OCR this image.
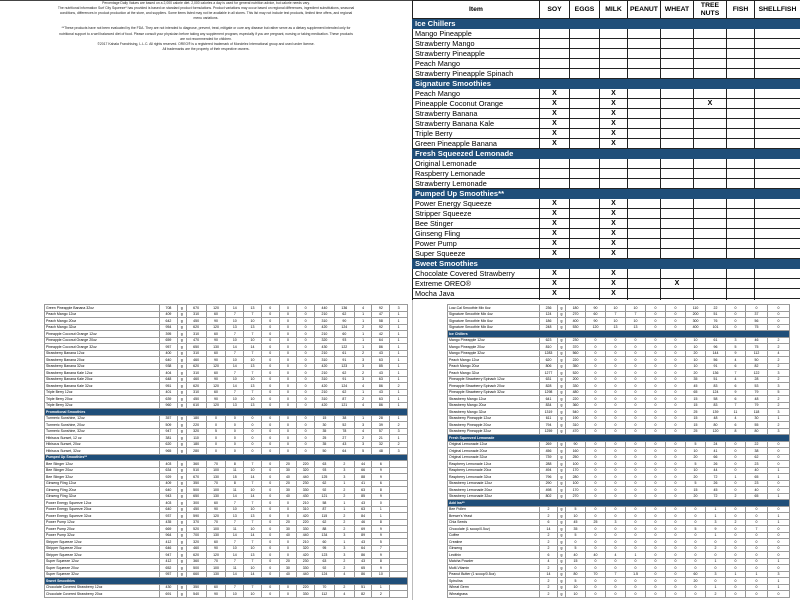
Percentage Daily Values are based on a 2,000 calorie diet. 2,000 calories a day is used for general nutrition advice, but calorie needs vary.
The nutritional information Surf City Squeeze* has provided is based on standard product formulations. Product variations may occur based on regional differences, ingredient substitutions, seasonal
conditions, differences in product production at the store, and suppliers. Some items listed may not be available in all stores. This list may not include test products, limited time offers, and regional
menu variations.

**These products have not been evaluated by the FDA. They are not intended to diagnose, prevent, treat, mitigate or cure any disease but rather serve as a dietary supplement intended only for
nutritional support to a well balanced diet of food. Please consult your physician before taking any supplement program, especially if you are pregnant, nursing or taking medication. These products
are not recommended for children.
©2017 Kahala Franchising, L.L.C. All rights reserved. OREO® is a registered trademark of Mondelez International group and used under license.
All trademarks are the property of their respective owners.
Item	SOY	EGGS	MILK	PEANUT	WHEAT	TREE NUTS	FISH	SHELLFISH
Ice Chillers								
Mango Pineapple								
Strawberry Mango								
Strawberry Pineapple								
Peach Mango								
Strawberry Pineapple Spinach								
Signature Smoothies								
Peach Mango	X		X					
Pineapple Coconut Orange	X		X			X		
Strawberry Banana	X		X					
Strawberry Banana Kale	X		X					
Triple Berry	X		X					
Green Pineapple Banana	X		X					
Fresh Squeezed Lemonade								
Original Lemonade								
Raspberry Lemonade								
Strawberry Lemonade								
Pumped Up Smoothies**								
Power Energy Squeeze	X		X					
Stripper Squeeze	X		X					
Bee Stinger	X		X					
Ginseng Fling	X		X					
Power Pump	X		X					
Super Squeeze	X		X					
Sweet Smoothies								
Chocolate Covered Strawberry	X		X					
Extreme OREO®	X		X		X			
Mocha Java	X		X					

Green Pineapple Banana 32oz	708	g	670	120	14	13	0	0	0	440	136	4	92	3
Peach Mango 12oz	409	g	310	60	7	7	0	0	0	210	62	1	47	1
Peach Mango 20oz	642	g	450	90	10	10	0	0	0	310	90	1	58	1
Peach Mango 32oz	954	g	620	120	13	13	0	0	0	420	124	2	92	1
Pineapple Coconut Orange 12oz	395	g	310	60	7	7	0	0	0	210	60	1	42	1
Pineapple Coconut Orange 20oz	659	g	470	90	10	10	0	0	0	320	93	1	64	1
Pineapple Coconut Orange 32oz	957	g	650	130	14	14	0	0	0	430	122	1	86	1
Strawberry Banana 12oz	400	g	310	60	7	7	0	0	0	210	61	2	43	1
Strawberry Banana 20oz	640	g	460	90	10	10	0	0	0	310	91	3	63	1
Strawberry Banana 32oz	938	g	620	120	14	13	0	0	0	420	123	3	85	1
Strawberry Banana Kale 12oz	404	g	310	60	7	7	0	0	0	210	62	2	43	1
Strawberry Banana Kale 20oz	648	g	460	90	10	10	0	0	0	310	91	3	63	1
Strawberry Banana Kale 32oz	951	g	620	120	14	13	0	0	0	420	124	4	86	2
Triple Berry 12oz	401	g	310	60	7	7	0	0	0	210	62	1	43	1
Triple Berry 20oz	639	g	450	90	10	10	0	0	0	310	87	2	63	1
Triple Berry 32oz	960	g	610	120	13	13	0	0	0	420	121	4	86	1
Promotional Smoothies														
Turmeric Sunshine, 12oz	357	g	180	0	0	0	0	0	0	15	38	1	28	1
Turmeric Sunshine, 20oz	509	g	220	0	0	0	0	0	0	30	52	3	39	2
Turmeric Sunshine, 32oz	947	g	320	5	0	0	0	0	0	35	78	4	57	3
Hibiscus Sunset, 12 oz	381	g	110	0	0	0	0	0	0	25	27	2	21	1
Hibiscus Sunset, 20oz	620	g	180	0	0	0	0	0	0	35	43	3	32	2
Hibiscus Sunset, 32oz	965	g	280	0	0	0	0	0	0	50	64	5	48	3
Pumped Up Smoothies**														
Bee Stinger 12oz	403	g	360	70	8	7	0	20	220	63	2	44	6	
Bee Stinger 20oz	634	g	510	100	11	10	0	30	320	93	3	66	9	
Bee Stinger 32oz	929	g	670	130	15	14	0	40	440	125	3	88	9	
Ginseng Fling 12oz	409	g	350	70	8	7	0	20	230	62	1	41	6	
Ginseng Fling 20oz	640	g	500	100	11	10	0	30	330	92	2	63	8	
Ginseng Fling 32oz	943	g	650	130	14	14	0	40	430	121	2	85	9	
Power Energy Squeeze 12oz	403	g	300	60	7	7	0	0	210	58	1	43	0	
Power Energy Squeeze 20oz	640	g	450	90	10	10	0	0	310	87	1	63	1	
Power Energy Squeeze 32oz	937	g	590	120	13	13	0	0	420	115	2	84	1	
Power Pump 12oz	435	g	370	70	7	7	0	20	220	62	2	46	8	
Power Pump 20oz	669	g	520	100	11	10	0	30	330	88	2	69	9	
Power Pump 32oz	964	g	700	130	14	14	0	40	440	134	3	89	9	
Stripper Squeeze 12oz	412	g	320	60	7	7	0	0	210	60	1	43	5	
Stripper Squeeze 20oz	646	g	460	90	10	10	0	0	320	95	3	64	7	
Stripper Squeeze 32oz	947	g	620	120	14	13	0	0	420	123	3	86	9	
Super Squeeze 12oz	412	g	360	70	7	7	0	20	230	63	2	43	8	
Super Squeeze 20oz	652	g	500	100	11	10	0	30	330	92	2	65	9	
Super Squeeze 32oz	957	g	660	130	14	14	0	40	440	124	4	86	10	
Sweet Smoothies														
Chocolate Covered Strawberry 12oz	430	g	350	60	7	7	0	0	220	70	2	51	1	
Chocolate Covered Strawberry 20oz	691	g	540	90	10	10	0	0	330	112	4	82	2	
Low-Cal Smoothie Mix 6oz	236	g	180	90	10	10	0	0	110	22	0	0	0
Signature Smoothie Mix 4oz	124	g	270	60	7	7	0	0	200	51	0	37	0
Signature Smoothie Mix 6oz	186	g	400	90	10	10	0	0	300	76	0	56	0
Signature Smoothie Mix 8oz	248	g	530	120	13	13	0	0	400	101	0	75	0
Ice Chillers													
Mango Pineapple 12oz	623	g	230	0	0	0	0	0	10	61	3	46	2
Mango Pineapple 20oz	810	g	370	0	0	0	0	0	10	96	5	75	2
Mango Pineapple 32oz	1283	g	560	0	0	0	0	0	20	144	9	112	4
Peach Mango 12oz	620	g	220	0	0	0	0	0	10	56	4	50	2
Peach Mango 20oz	806	g	350	0	0	0	0	0	10	91	6	82	2
Peach Mango 32oz	1277	g	520	0	0	0	0	0	20	136	7	122	3
Pineapple Strawberry Spinach 12oz	631	g	200	0	0	0	0	0	35	51	4	28	2
Pineapple Strawberry Spinach 20oz	828	g	330	0	0	0	0	0	45	83	6	53	3
Pineapple Strawberry Spinach 32oz	1298	g	480	0	0	0	0	0	65	124	9	79	5
Strawberry Mango 12oz	641	g	220	0	0	0	0	0	15	58	6	48	2
Strawberry Mango 20oz	834	g	360	0	0	0	0	0	15	83	7	79	2
Strawberry Mango 32oz	1319	g	540	0	0	0	0	0	25	139	11	118	3
Strawberry Pineapple 12oz	611	g	190	0	0	0	0	0	15	48	4	30	1
Strawberry Pineapple 20oz	794	g	310	0	0	0	0	0	15	80	6	55	2
Strawberry Pineapple 32oz	1259	g	470	0	0	0	0	0	25	120	8	80	3
Fresh Squeezed Lemonade													
Original Lemonade 12oz	269	g	90	0	0	0	0	0	5	24	0	22	0
Original Lemonade 20oz	456	g	160	0	0	0	0	0	10	41	0	38	0
Original Lemonade 32oz	739	g	250	0	0	0	0	0	20	66	0	62	0
Raspberry Lemonade 12oz	288	g	100	0	0	0	0	0	5	26	0	23	0
Raspberry Lemonade 20oz	494	g	170	0	0	0	0	0	10	44	0	40	1
Raspberry Lemonade 32oz	796	g	280	0	0	0	0	0	20	72	1	65	1
Strawberry Lemonade 12oz	290	g	100	0	0	0	0	0	5	26	0	23	0
Strawberry Lemonade 20oz	498	g	170	0	0	0	0	0	15	45	0	40	0
Strawberry Lemonade 32oz	802	g	270	0	0	0	0	0	20	72	2	65	1
Add Ins**													
Bee Pollen	2	g	5	0	0	0	0	0	0	1	0	0	0
Brewer's Yeast	2	g	10	0	0	0	0	0	0	1	0	0	1
Chia Seeds	6	g	45	25	3	0	0	0	0	3	2	0	1
Chocolate (1 scoop/0.5oz)	14	g	35	0	0	0	0	0	5	9	0	7	0
Coffee	2	g	5	0	0	0	0	0	0	1	0	0	0
Creatine	2	g	0	0	0	0	0	0	0	0	0	0	0
Ginseng	2	g	5	0	0	0	0	0	0	2	0	0	0
Lecithin	6	g	40	40	4	1	0	0	0	0	0	0	0
Matcha Powder	4	g	15	0	0	0	0	0	0	1	0	0	1
Multi-Vitamin	2	g	0	0	0	0	0	0	0	0	0	0	0
Peanut Butter (1 scoop/0.5oz)	14	g	80	70	7	1.5	0	0	60	3	1	1	3
Spirulina	2	g	5	0	0	0	0	0	20	0	0	0	1
Wheat Germ	2	g	10	0	0	0	0	0	0	1	0	0	1
Wheatgrass	2	g	10	0	0	0	0	0	0	2	0	0	0
